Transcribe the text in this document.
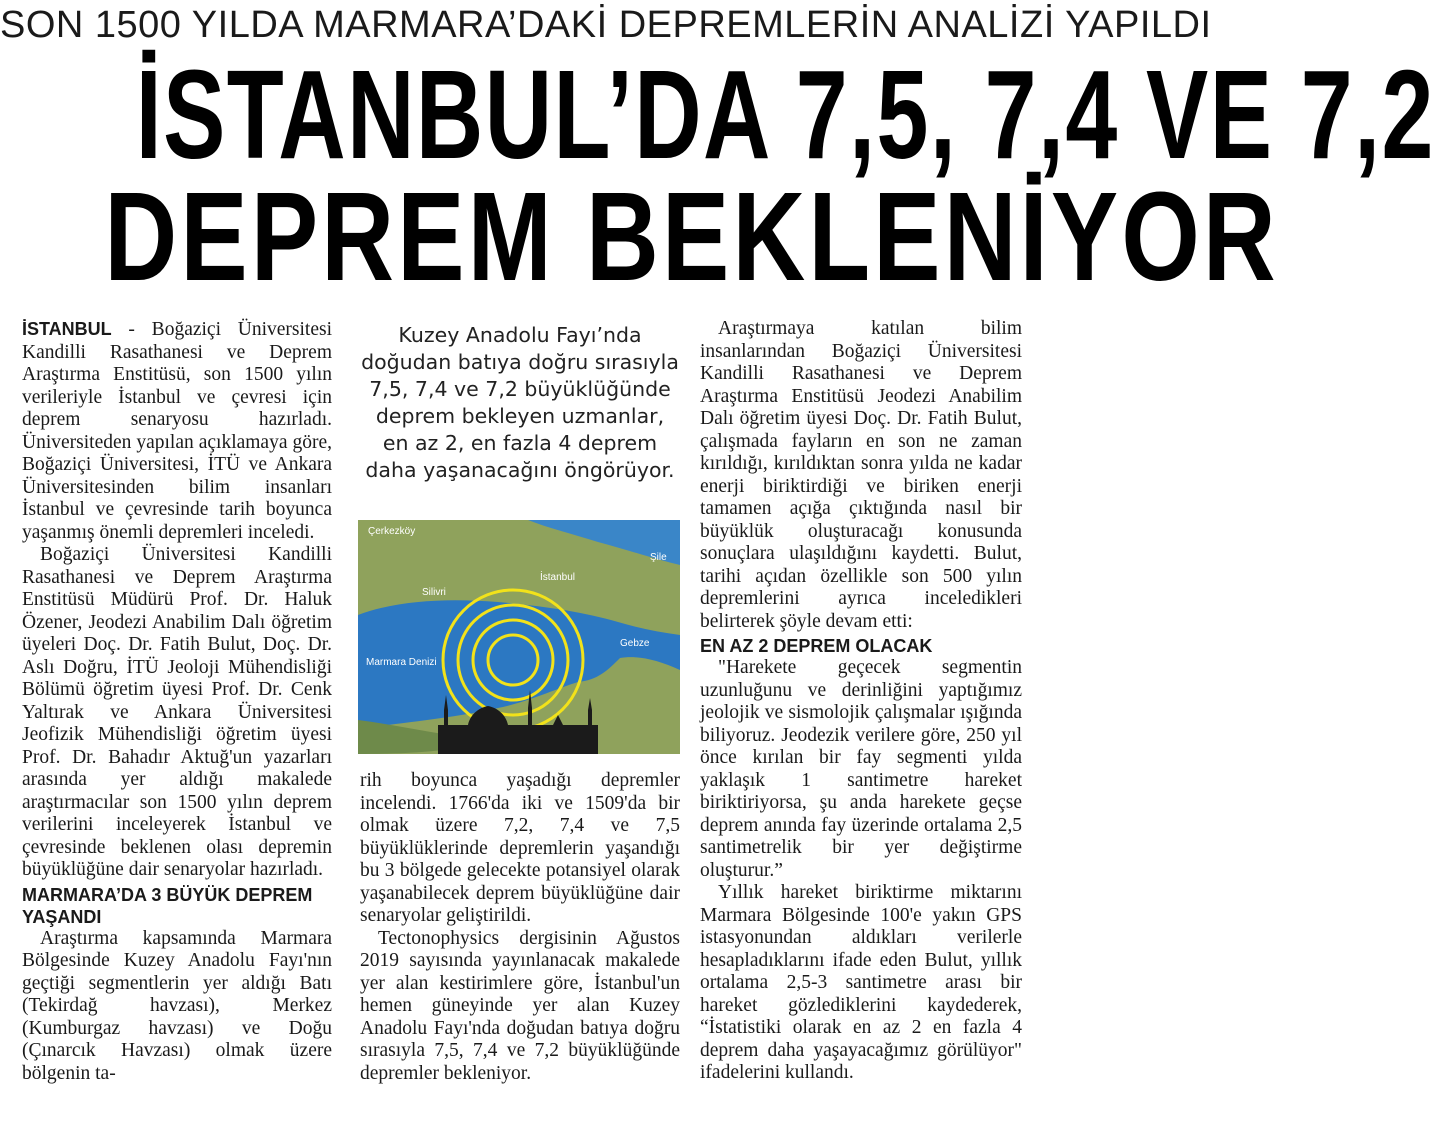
SON 1500 YILDA MARMARA’DAKİ DEPREMLERİN ANALİZİ YAPILDI
İSTANBUL’DA 7,5, 7,4 VE 7,2
DEPREM BEKLENİYOR

İSTANBUL - Boğaziçi Üniversitesi Kandilli Rasathanesi ve Deprem Araştırma Enstitüsü, son 1500 yılın verileriyle İstanbul ve çevresi için deprem senaryosu hazırladı. Üniversiteden yapılan açıklamaya göre, Boğaziçi Üniversitesi, İTÜ ve Ankara Üniversitesinden bilim insanları İstanbul ve çevresinde tarih boyunca yaşanmış önemli depremleri inceledi.

Boğaziçi Üniversitesi Kandilli Rasathanesi ve Deprem Araştırma Enstitüsü Müdürü Prof. Dr. Haluk Özener, Jeodezi Anabilim Dalı öğretim üyeleri Doç. Dr. Fatih Bulut, Doç. Dr. Aslı Doğru, İTÜ Jeoloji Mühendisliği Bölümü öğretim üyesi Prof. Dr. Cenk Yaltırak ve Ankara Üniversitesi Jeofizik Mühendisliği öğretim üyesi Prof. Dr. Bahadır Aktuğ'un yazarları arasında yer aldığı makalede araştırmacılar son 1500 yılın deprem verilerini inceleyerek İstanbul ve çevresinde beklenen olası depremin büyüklüğüne dair senaryolar hazırladı.

MARMARA’DA 3 BÜYÜK DEPREM YAŞANDI

Araştırma kapsamında Marmara Bölgesinde Kuzey Anadolu Fayı'nın geçtiği segmentlerin yer aldığı Batı (Tekirdağ havzası), Merkez (Kumburgaz havzası) ve Doğu (Çınarcık Havzası) olmak üzere bölgenin ta-

Kuzey Anadolu Fayı’nda doğudan batıya doğru sırasıyla 7,5, 7,4 ve 7,2 büyüklüğünde deprem bekleyen uzmanlar, en az 2, en fazla 4 deprem daha yaşanacağını öngörüyor.
Çerkezköy
Şile
Silivri
İstanbul
Gebze
Marmara Denizi

rih boyunca yaşadığı depremler incelendi. 1766'da iki ve 1509'da bir olmak üzere 7,2, 7,4 ve 7,5 büyüklüklerinde depremlerin yaşandığı bu 3 bölgede gelecekte potansiyel olarak yaşanabilecek deprem büyüklüğüne dair senaryolar geliştirildi.

Tectonophysics dergisinin Ağustos 2019 sayısında yayınlanacak makalede yer alan kestirimlere göre, İstanbul'un hemen güneyinde yer alan Kuzey Anadolu Fayı'nda doğudan batıya doğru sırasıyla 7,5, 7,4 ve 7,2 büyüklüğünde depremler bekleniyor.

Araştırmaya katılan bilim insanlarından Boğaziçi Üniversitesi Kandilli Rasathanesi ve Deprem Araştırma Enstitüsü Jeodezi Anabilim Dalı öğretim üyesi Doç. Dr. Fatih Bulut, çalışmada fayların en son ne zaman kırıldığı, kırıldıktan sonra yılda ne kadar enerji biriktirdiği ve biriken enerji tamamen açığa çıktığında nasıl bir büyüklük oluşturacağı konusunda sonuçlara ulaşıldığını kaydetti. Bulut, tarihi açıdan özellikle son 500 yılın depremlerini ayrıca inceledikleri belirterek şöyle devam etti:

EN AZ 2 DEPREM OLACAK

"Harekete geçecek segmentin uzunluğunu ve derinliğini yaptığımız jeolojik ve sismolojik çalışmalar ışığında biliyoruz. Jeodezik verilere göre, 250 yıl önce kırılan bir fay segmenti yılda yaklaşık 1 santimetre hareket biriktiriyorsa, şu anda harekete geçse deprem anında fay üzerinde ortalama 2,5 santimetrelik bir yer değiştirme oluşturur.”

Yıllık hareket biriktirme miktarını Marmara Bölgesinde 100'e yakın GPS istasyonundan aldıkları verilerle hesapladıklarını ifade eden Bulut, yıllık ortalama 2,5-3 santimetre arası bir hareket gözlediklerini kaydederek, “İstatistiki olarak en az 2 en fazla 4 deprem daha yaşayacağımız görülüyor" ifadelerini kullandı.
